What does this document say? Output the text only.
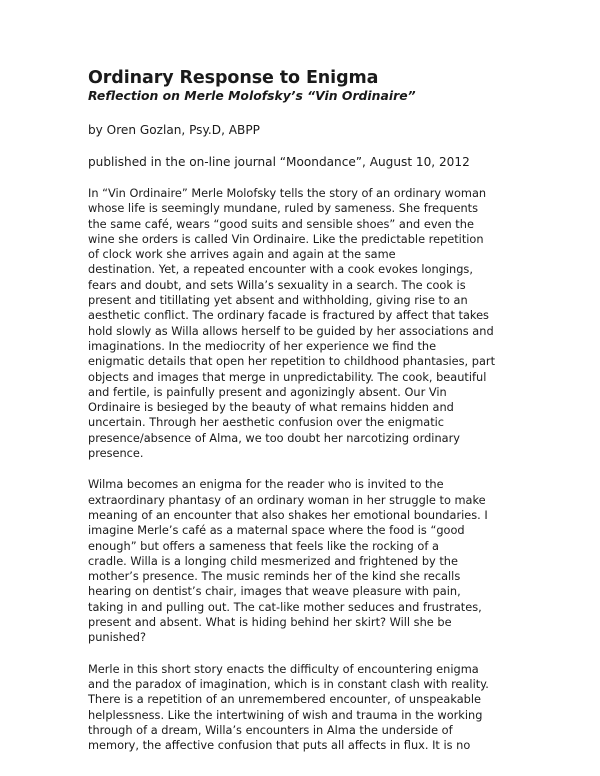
Ordinary Response to Enigma

Reflection on Merle Molofsky’s “Vin Ordinaire”

by Oren Gozlan, Psy.D, ABPP

published in the on-line journal “Moondance”, August 10, 2012

In “Vin Ordinaire” Merle Molofsky tells the story of an ordinary woman
whose life is seemingly mundane, ruled by sameness. She frequents
the same café, wears “good suits and sensible shoes” and even the
wine she orders is called Vin Ordinaire. Like the predictable repetition
of clock work she arrives again and again at the same
destination. Yet, a repeated encounter with a cook evokes longings,
fears and doubt, and sets Willa’s sexuality in a search. The cook is
present and titillating yet absent and withholding, giving rise to an
aesthetic conflict. The ordinary facade is fractured by affect that takes
hold slowly as Willa allows herself to be guided by her associations and
imaginations. In the mediocrity of her experience we find the
enigmatic details that open her repetition to childhood phantasies, part
objects and images that merge in unpredictability. The cook, beautiful
and fertile, is painfully present and agonizingly absent. Our Vin
Ordinaire is besieged by the beauty of what remains hidden and
uncertain. Through her aesthetic confusion over the enigmatic
presence/absence of Alma, we too doubt her narcotizing ordinary
presence.

Wilma becomes an enigma for the reader who is invited to the
extraordinary phantasy of an ordinary woman in her struggle to make
meaning of an encounter that also shakes her emotional boundaries. I
imagine Merle’s café as a maternal space where the food is “good
enough” but offers a sameness that feels like the rocking of a
cradle. Willa is a longing child mesmerized and frightened by the
mother’s presence. The music reminds her of the kind she recalls
hearing on dentist’s chair, images that weave pleasure with pain,
taking in and pulling out. The cat-like mother seduces and frustrates,
present and absent. What is hiding behind her skirt? Will she be
punished?

Merle in this short story enacts the difficulty of encountering enigma
and the paradox of imagination, which is in constant clash with reality.
There is a repetition of an unremembered encounter, of unspeakable
helplessness. Like the intertwining of wish and trauma in the working
through of a dream, Willa’s encounters in Alma the underside of
memory, the affective confusion that puts all affects in flux. It is no
